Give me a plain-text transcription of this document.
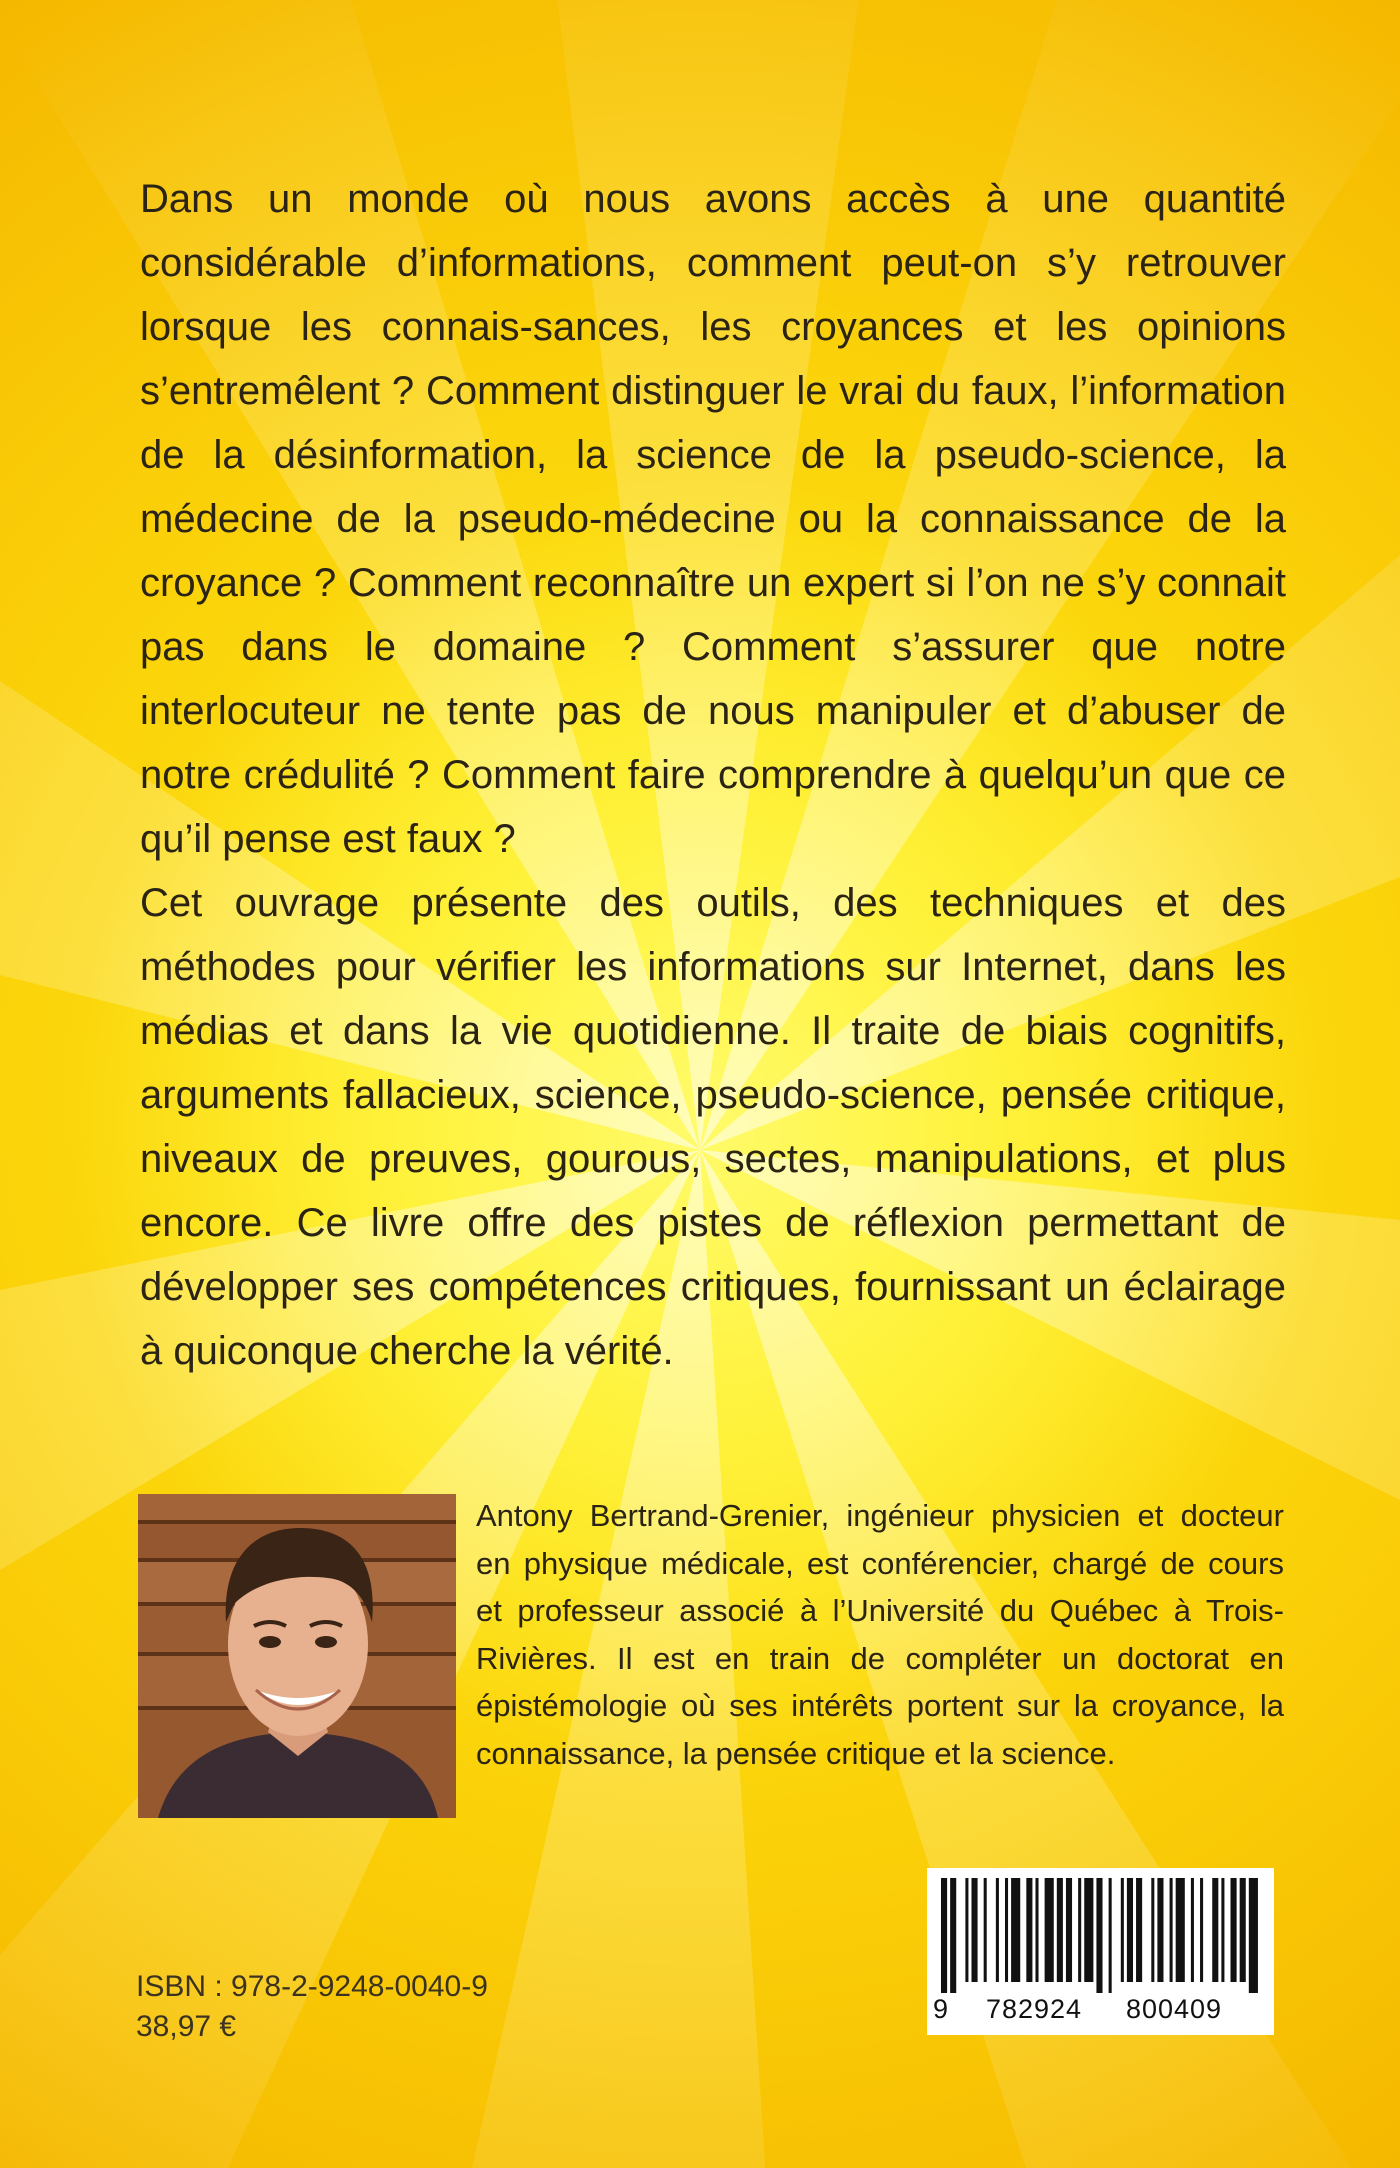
Dans un monde où nous avons accès à une quantité considérable d’informations, comment peut-on s’y retrouver lorsque les connais-sances, les croyances et les opinions s’entremêlent ? Comment distinguer le vrai du faux, l’information de la désinformation, la science de la pseudo-science, la médecine de la pseudo-médecine ou la connaissance de la croyance ? Comment reconnaître un expert si l’on ne s’y connait pas dans le domaine ? Comment s’assurer que notre interlocuteur ne tente pas de nous manipuler et d’abuser de notre crédulité ? Comment faire comprendre à quelqu’un que ce qu’il pense est faux ?

Cet ouvrage présente des outils, des techniques et des méthodes pour vérifier les informations sur Internet, dans les médias et dans la vie quotidienne. Il traite de biais cognitifs, arguments fallacieux, science, pseudo-science, pensée critique, niveaux de preuves, gourous, sectes, manipulations, et plus encore. Ce livre offre des pistes de réflexion permettant de développer ses compétences critiques, fournissant un éclairage à quiconque cherche la vérité.

Antony Bertrand-Grenier, ingénieur physicien et docteur en physique médicale, est conférencier, chargé de cours et professeur associé à l’Université du Québec à Trois-Rivières. Il est en train de compléter un doctorat en épistémologie où ses intérêts portent sur la croyance, la connaissance, la pensée critique et la science.

9	782924	800409
ISBN : 978-2-9248-0040-9
38,97 €
